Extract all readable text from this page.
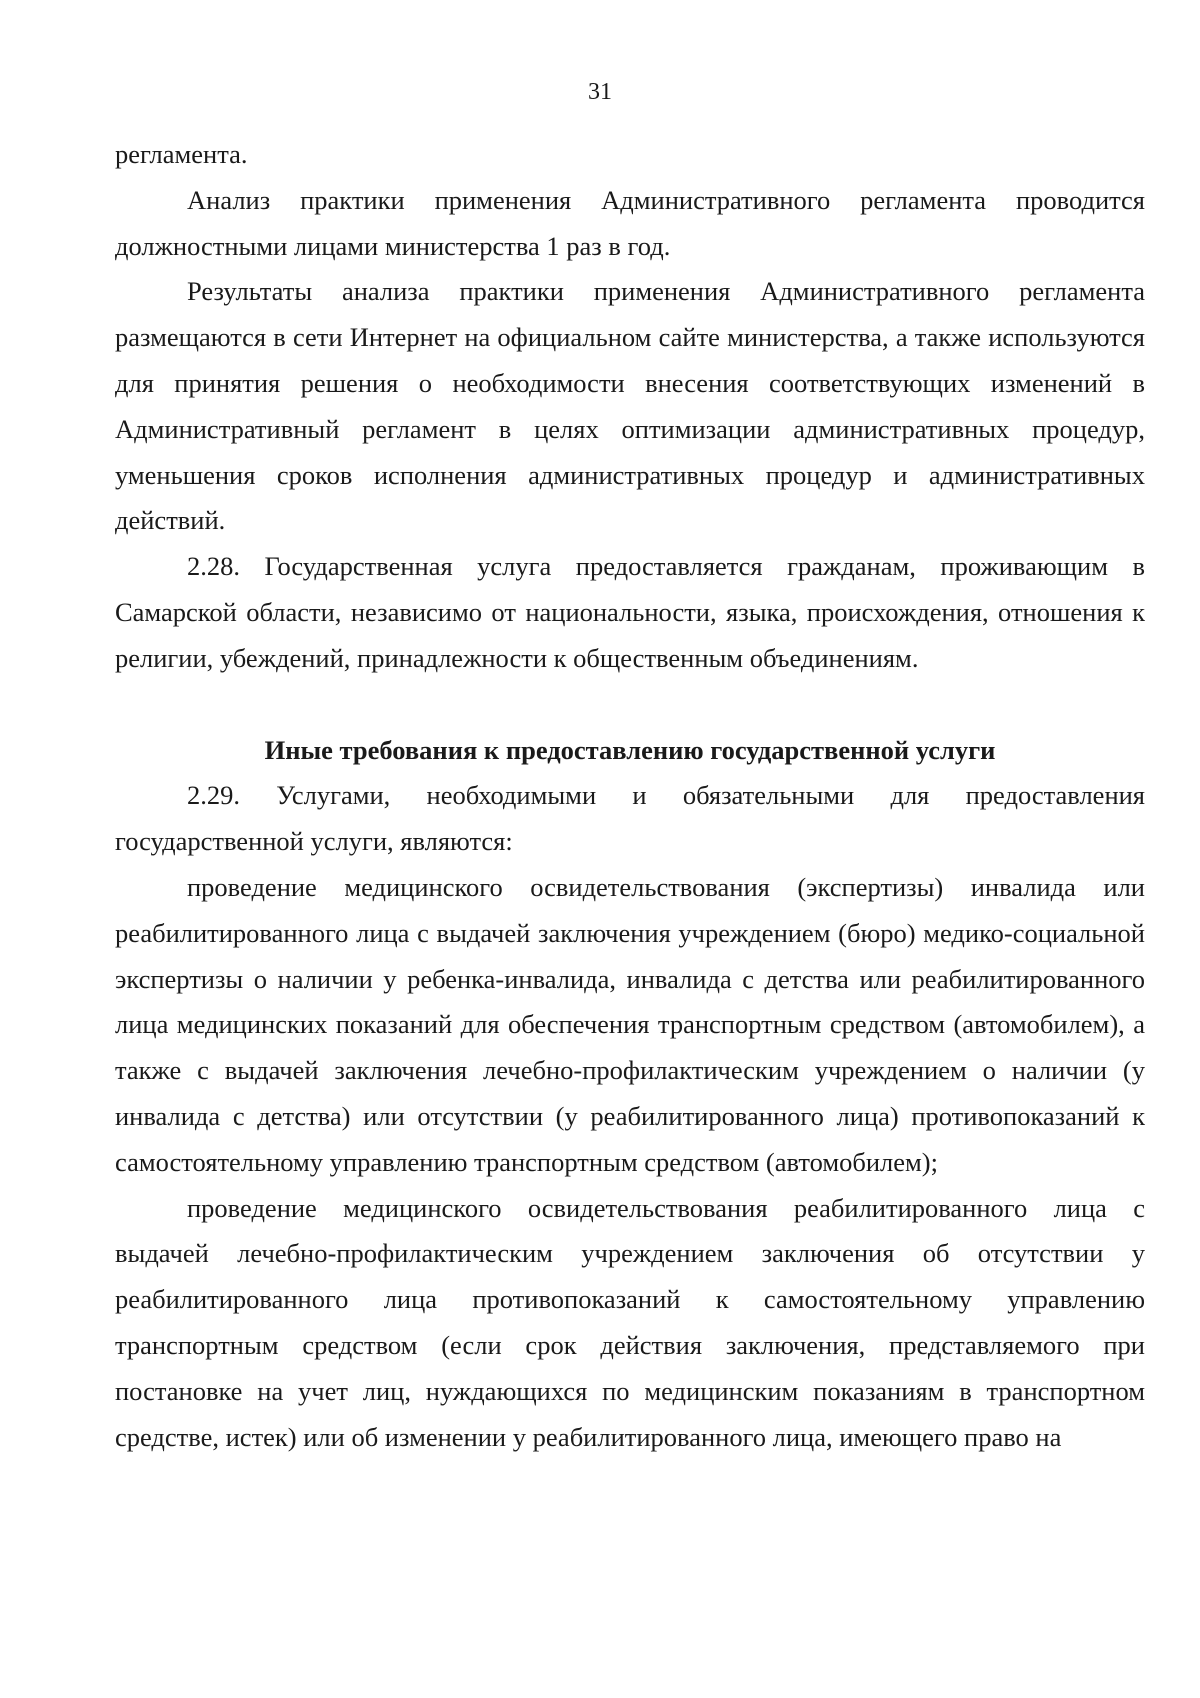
31

регламента.

Анализ практики применения Административного регламента проводится должностными лицами министерства 1 раз в год.

Результаты анализа практики применения Административного регламента размещаются в сети Интернет на официальном сайте министерства, а также используются для принятия решения о необходимости внесения соответствующих изменений в Административный регламент в целях оптимизации административных процедур, уменьшения сроков исполнения административных процедур и административных действий.

2.28. Государственная услуга предоставляется гражданам, проживающим в Самарской области, независимо от национальности, языка, происхождения, отношения к религии, убеждений, принадлежности к общественным объединениям.

Иные требования к предоставлению государственной услуги

2.29. Услугами, необходимыми и обязательными для предоставления государственной услуги, являются:

проведение медицинского освидетельствования (экспертизы) инвалида или реабилитированного лица с выдачей заключения учреждением (бюро) медико-социальной экспертизы о наличии у ребенка-инвалида, инвалида с детства или реабилитированного лица медицинских показаний для обеспечения транспортным средством (автомобилем), а также с выдачей заключения лечебно-профилактическим учреждением о наличии (у инвалида с детства) или отсутствии (у реабилитированного лица) противопоказаний к самостоятельному управлению транспортным средством (автомобилем);

проведение медицинского освидетельствования реабилитированного лица с выдачей лечебно-профилактическим учреждением заключения об отсутствии у реабилитированного лица противопоказаний к самостоятельному управлению транспортным средством (если срок действия заключения, представляемого при постановке на учет лиц, нуждающихся по медицинским показаниям в транспортном средстве, истек) или об изменении у реабилитированного лица, имеющего право на
